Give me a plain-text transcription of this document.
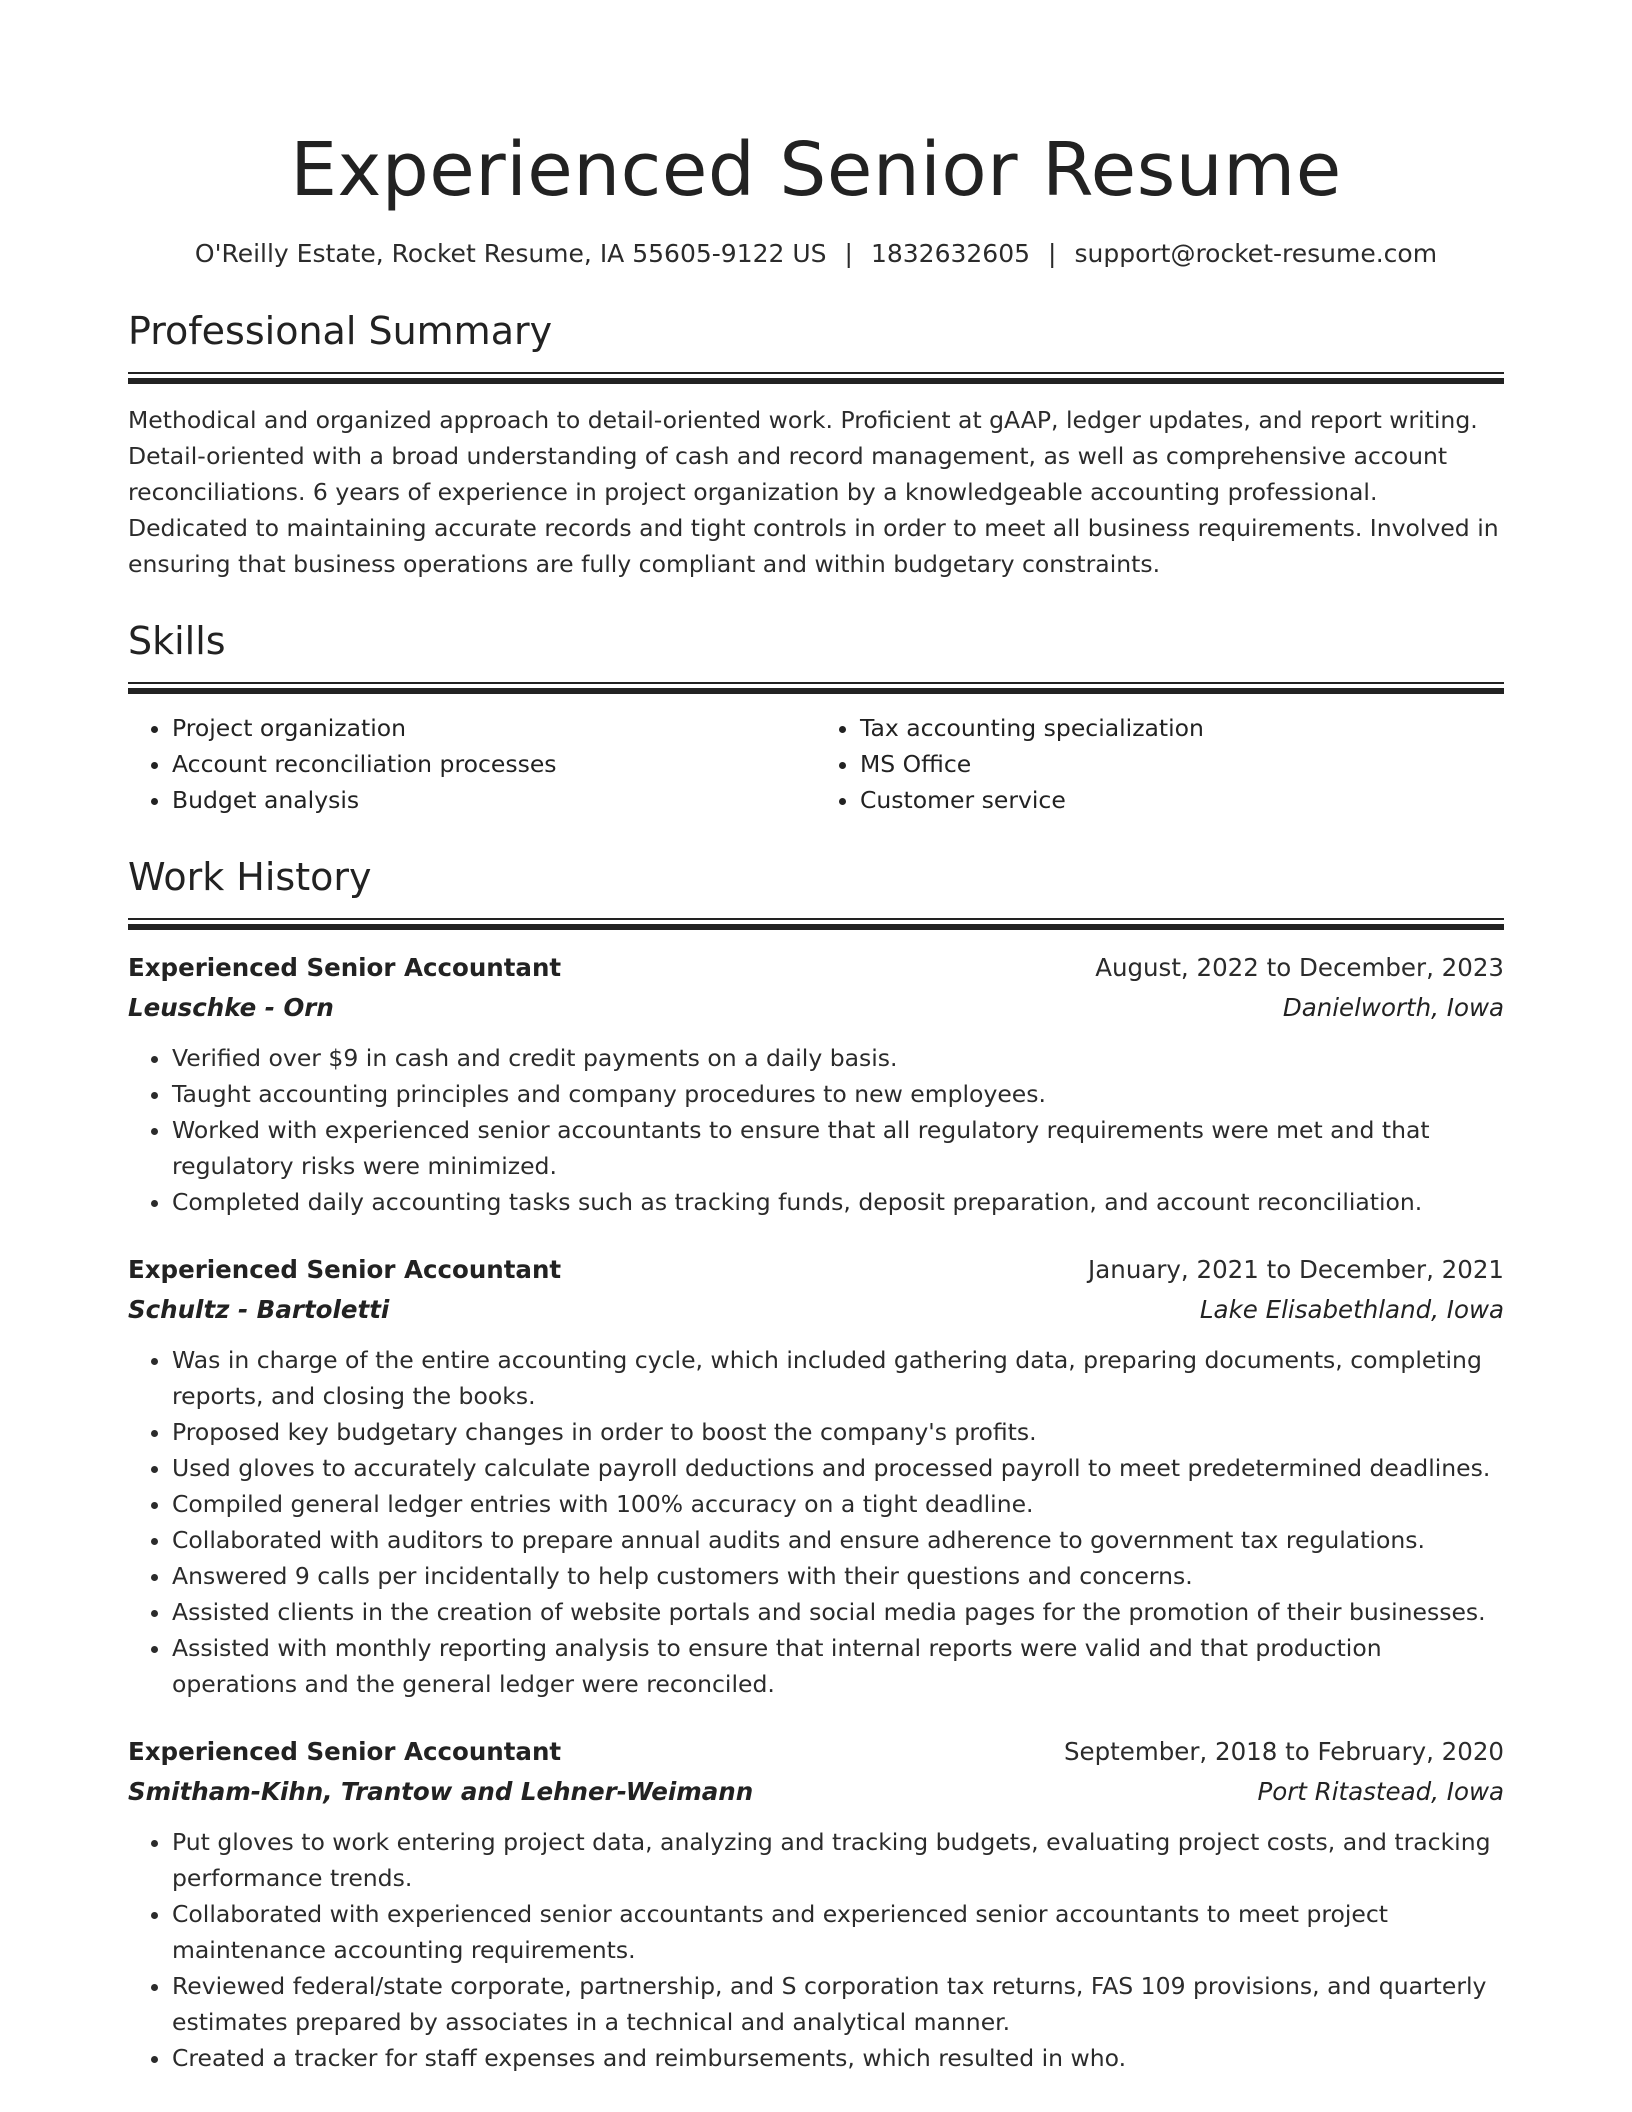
Experienced Senior Resume
O'Reilly Estate, Rocket Resume, IA 55605-9122 US | 1832632605 | support@rocket-resume.com
Professional Summary

Methodical and organized approach to detail-oriented work. Proficient at gAAP, ledger updates, and report writing. Detail-oriented with a broad understanding of cash and record management, as well as comprehensive account reconciliations. 6 years of experience in project organization by a knowledgeable accounting professional. Dedicated to maintaining accurate records and tight controls in order to meet all business requirements. Involved in ensuring that business operations are fully compliant and within budgetary constraints.

Skills
• Project organization
• Account reconciliation processes
• Budget analysis
• Tax accounting specialization
• MS Office
• Customer service
Work History
Experienced Senior Accountant	August, 2022 to December, 2023
Leuschke - Orn	Danielworth, Iowa
• Verified over $9 in cash and credit payments on a daily basis.
• Taught accounting principles and company procedures to new employees.
• Worked with experienced senior accountants to ensure that all regulatory requirements were met and that regulatory risks were minimized.
• Completed daily accounting tasks such as tracking funds, deposit preparation, and account reconciliation.
Experienced Senior Accountant	January, 2021 to December, 2021
Schultz - Bartoletti	Lake Elisabethland, Iowa
• Was in charge of the entire accounting cycle, which included gathering data, preparing documents, completing reports, and closing the books.
• Proposed key budgetary changes in order to boost the company's profits.
• Used gloves to accurately calculate payroll deductions and processed payroll to meet predetermined deadlines.
• Compiled general ledger entries with 100% accuracy on a tight deadline.
• Collaborated with auditors to prepare annual audits and ensure adherence to government tax regulations.
• Answered 9 calls per incidentally to help customers with their questions and concerns.
• Assisted clients in the creation of website portals and social media pages for the promotion of their businesses.
• Assisted with monthly reporting analysis to ensure that internal reports were valid and that production operations and the general ledger were reconciled.
Experienced Senior Accountant	September, 2018 to February, 2020
Smitham-Kihn, Trantow and Lehner-Weimann	Port Ritastead, Iowa
• Put gloves to work entering project data, analyzing and tracking budgets, evaluating project costs, and tracking performance trends.
• Collaborated with experienced senior accountants and experienced senior accountants to meet project maintenance accounting requirements.
• Reviewed federal/state corporate, partnership, and S corporation tax returns, FAS 109 provisions, and quarterly estimates prepared by associates in a technical and analytical manner.
• Created a tracker for staff expenses and reimbursements, which resulted in who.
